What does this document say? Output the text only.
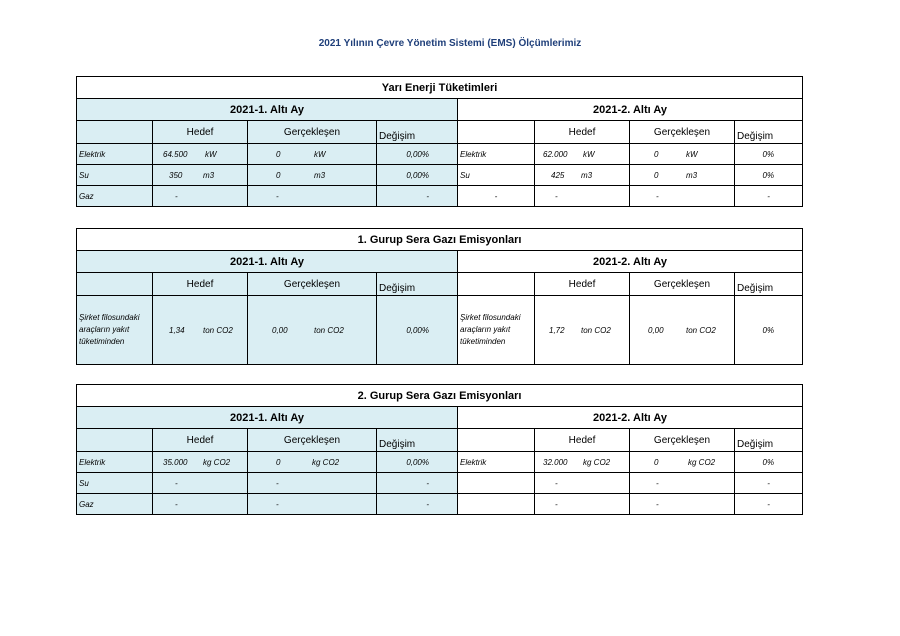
2021 Yılının Çevre Yönetim Sistemi (EMS) Ölçümlerimiz
Yarı Enerji Tüketimleri							
2021-1. Altı Ay				2021-2. Altı Ay			
	Hedef	Gerçekleşen	Değişim		Hedef	Gerçekleşen	Değişim
Elektrik	64.500 kW	0 kW	0,00%	Elektrik	62.000 kW	0 kW	0%
Su	350 m3	0 m3	0,00%	Su	425 m3	0 m3	0%
Gaz	-	-	-	-	-	-	-
1. Gurup Sera Gazı Emisyonları							
2021-1. Altı Ay				2021-2. Altı Ay			
	Hedef	Gerçekleşen	Değişim		Hedef	Gerçekleşen	Değişim
Şirket filosundaki araçların yakıt tüketiminden	1,34 ton CO2	0,00 ton CO2	0,00%	Şirket filosundaki araçların yakıt tüketiminden	1,72 ton CO2	0,00 ton CO2	0%
2. Gurup Sera Gazı Emisyonları							
2021-1. Altı Ay				2021-2. Altı Ay			
	Hedef	Gerçekleşen	Değişim		Hedef	Gerçekleşen	Değişim
Elektrik	35.000 kg CO2	0 kg CO2	0,00%	Elektrik	32.000 kg CO2	0 kg CO2	0%
Su	-	-	-		-	-	-
Gaz	-	-	-		-	-	-
